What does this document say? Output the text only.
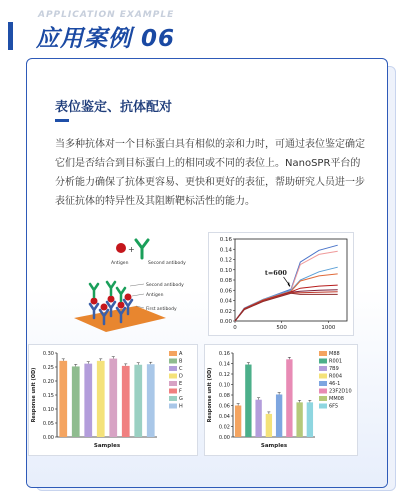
APPLICATION EXAMPLE
应用案例 06
表位鉴定、抗体配对
当多种抗体对一个目标蛋白具有相似的亲和力时，可通过表位鉴定确定它们是否结合到目标蛋白上的相同或不同的表位上。NanoSPR平台的分析能力确保了抗体更容易、更快和更好的表征，帮助研究人员进一步表征抗体的特异性及其阻断靶标活性的能力。
+
Antigen	Second antibody
Second antibody
Antigen
First antibody
0.00
0.02
0.04
0.06
0.08
0.10
0.12
0.14
0.16
0	500	1000
t=600
0.00
0.05
0.10
0.15
0.20
0.25
0.30
Samples
Response unit (OD)
A
B
C
D
E
F
G
H
0.00
0.02
0.04
0.06
0.08
0.10
0.12
0.14
0.16
Samples
Response unit (OD)
M88
R001
7B9
R004
46-1
23F2D10
MM08
6F5
